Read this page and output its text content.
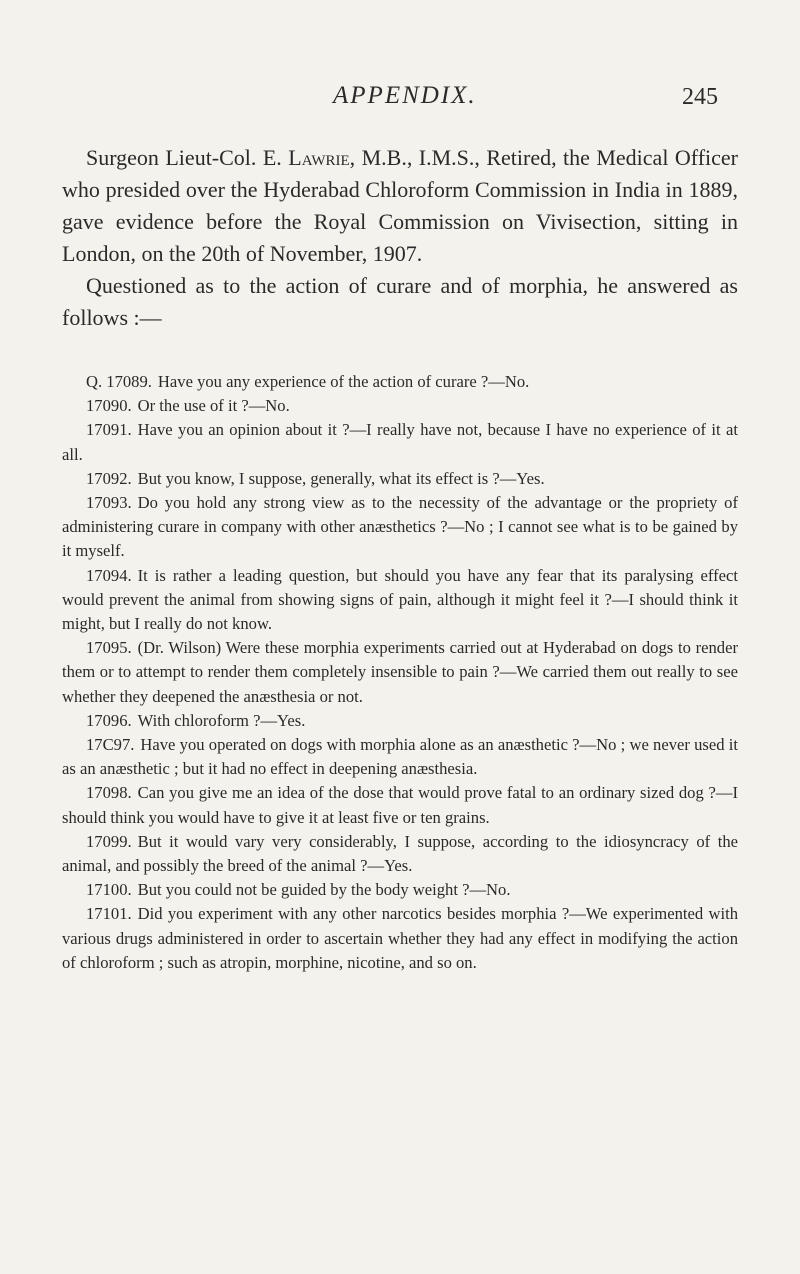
APPENDIX.	245

Surgeon Lieut-Col. E. Lawrie, M.B., I.M.S., Retired, the Medical Officer who presided over the Hyderabad Chloroform Commission in India in 1889, gave evidence before the Royal Commission on Vivisection, sitting in London, on the 20th of November, 1907.

Questioned as to the action of curare and of morphia, he answered as follows :—

Q. 17089. Have you any experience of the action of curare ?—No.

17090. Or the use of it ?—No.

17091. Have you an opinion about it ?—I really have not, because I have no experience of it at all.

17092. But you know, I suppose, generally, what its effect is ?—Yes.

17093. Do you hold any strong view as to the necessity of the advantage or the propriety of administering curare in company with other anæsthetics ?—No ; I cannot see what is to be gained by it myself.

17094. It is rather a leading question, but should you have any fear that its paralysing effect would prevent the animal from showing signs of pain, although it might feel it ?—I should think it might, but I really do not know.

17095. (Dr. Wilson) Were these morphia experiments carried out at Hyderabad on dogs to render them or to attempt to render them completely insensible to pain ?—We carried them out really to see whether they deepened the anæsthesia or not.

17096. With chloroform ?—Yes.

17C97. Have you operated on dogs with morphia alone as an anæsthetic ?—No ; we never used it as an anæsthetic ; but it had no effect in deepening anæsthesia.

17098. Can you give me an idea of the dose that would prove fatal to an ordinary sized dog ?—I should think you would have to give it at least five or ten grains.

17099. But it would vary very considerably, I suppose, according to the idiosyncracy of the animal, and possibly the breed of the animal ?—Yes.

17100. But you could not be guided by the body weight ?—No.

17101. Did you experiment with any other narcotics besides morphia ?—We experimented with various drugs administered in order to ascertain whether they had any effect in modifying the action of chloroform ; such as atropin, morphine, nicotine, and so on.
